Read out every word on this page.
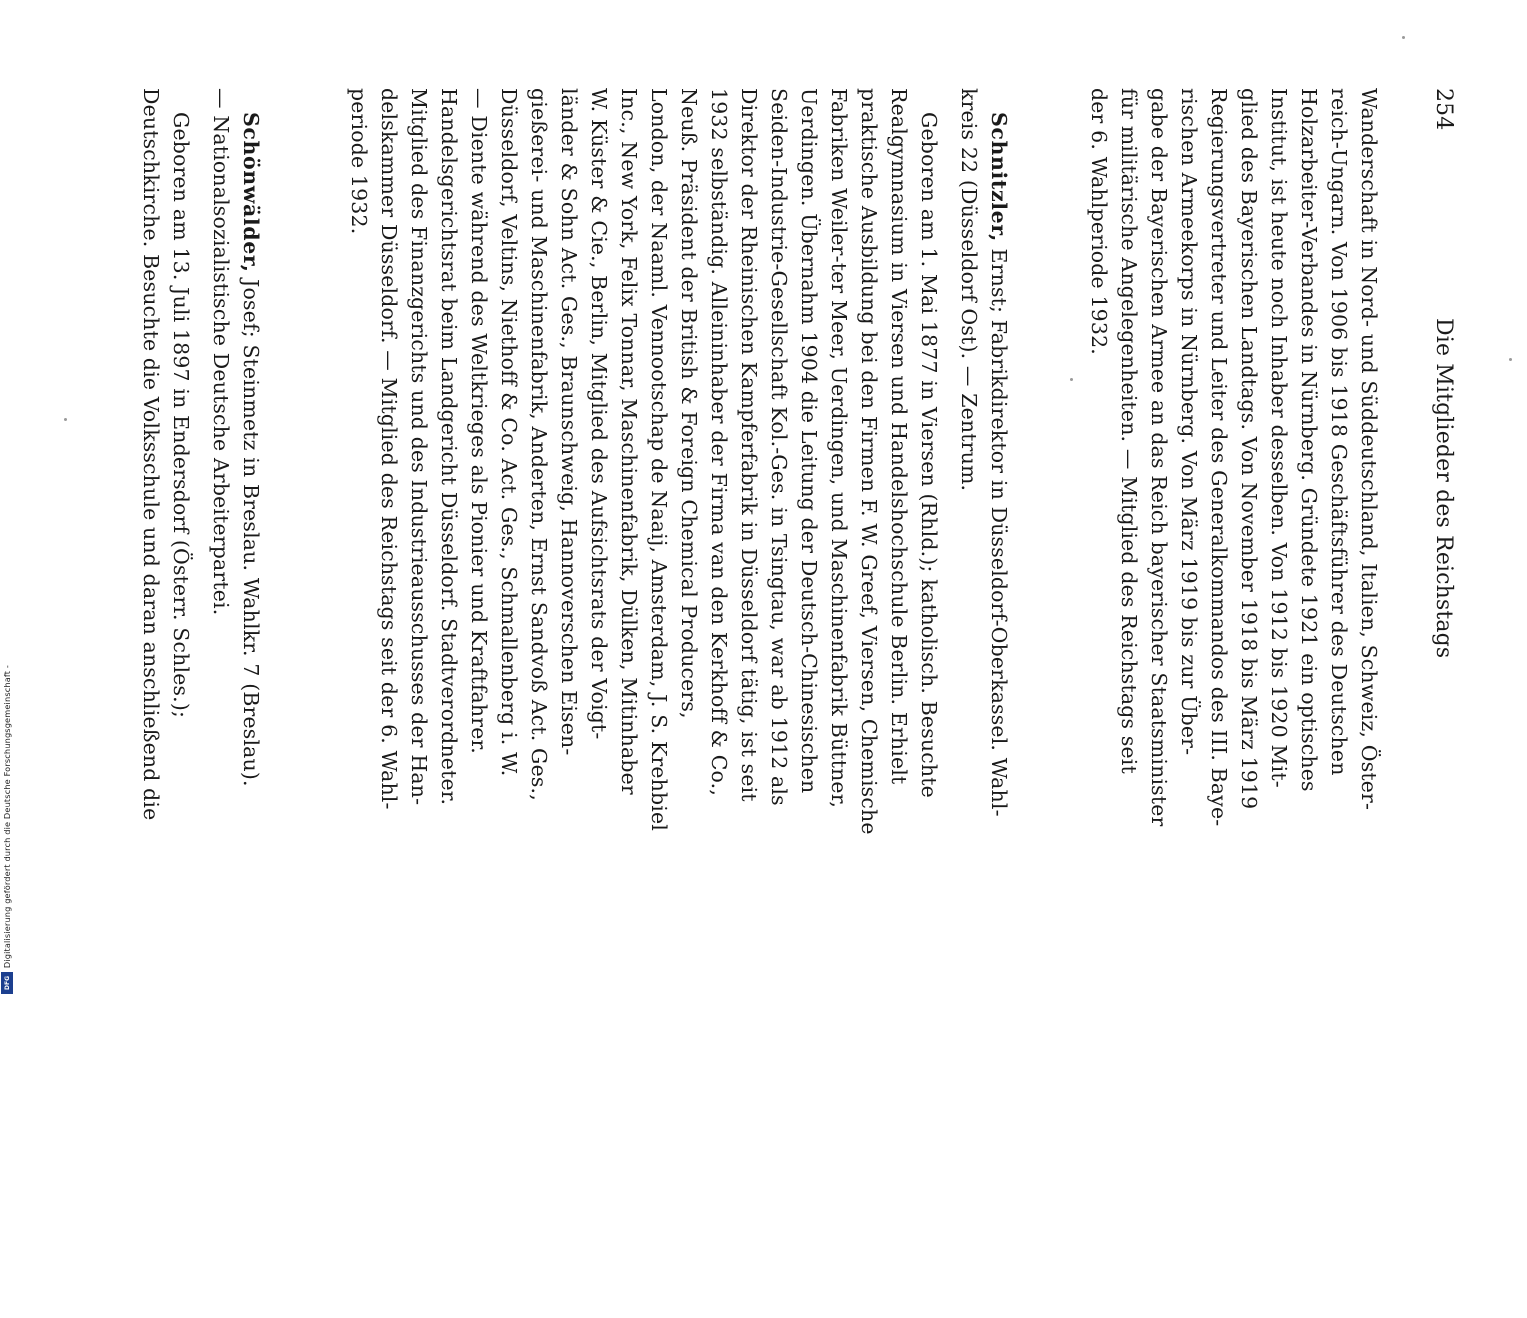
254
Die Mitglieder des Reichstags
Wanderschaft in Nord- und Süddeutschland, Italien, Schweiz, Öster-
reich-Ungarn. Von 1906 bis 1918 Geschäftsführer des Deutschen
Holzarbeiter-Verbandes in Nürnberg. Gründete 1921 ein optisches
Institut, ist heute noch Inhaber desselben. Von 1912 bis 1920 Mit-
glied des Bayerischen Landtags. Von November 1918 bis März 1919
Regierungsvertreter und Leiter des Generalkommandos des III. Baye-
rischen Armeekorps in Nürnberg. Von März 1919 bis zur Über-
gabe der Bayerischen Armee an das Reich bayerischer Staatsminister
für militärische Angelegenheiten. — Mitglied des Reichstags seit
der 6. Wahlperiode 1932.
Schnitzler, Ernst; Fabrikdirektor in Düsseldorf-Oberkassel. Wahl-
kreis 22 (Düsseldorf Ost). — Zentrum.
Geboren am 1. Mai 1877 in Viersen (Rhld.); katholisch. Besuchte
Realgymnasium in Viersen und Handelshochschule Berlin. Erhielt
praktische Ausbildung bei den Firmen F. W. Greef, Viersen, Chemische
Fabriken Weiler-ter Meer, Uerdingen, und Maschinenfabrik Büttner,
Uerdingen. Übernahm 1904 die Leitung der Deutsch-Chinesischen
Seiden-Industrie-Gesellschaft Kol.-Ges. in Tsingtau, war ab 1912 als
Direktor der Rheinischen Kampferfabrik in Düsseldorf tätig, ist seit
1932 selbständig. Alleininhaber der Firma van den Kerkhoff & Co.,
Neuß. Präsident der British & Foreign Chemical Producers,
London, der Naaml. Vennootschap de Naaij, Amsterdam, J. S. Krehbiel
Inc., New York, Felix Tonnar, Maschinenfabrik, Dülken, Mitinhaber
W. Küster & Cie., Berlin, Mitglied des Aufsichtsrats der Voigt-
länder & Sohn Act. Ges., Braunschweig, Hannoverschen Eisen-
gießerei- und Maschinenfabrik, Anderten, Ernst Sandvoß Act. Ges.,
Düsseldorf, Veltins, Niethoff & Co. Act. Ges., Schmallenberg i. W.
— Diente während des Weltkrieges als Pionier und Kraftfahrer.
Handelsgerichtsrat beim Landgericht Düsseldorf. Stadtverordneter.
Mitglied des Finanzgerichts und des Industrieausschusses der Han-
delskammer Düsseldorf. — Mitglied des Reichstags seit der 6. Wahl-
periode 1932.
Schönwälder, Josef; Steinmetz in Breslau. Wahlkr. 7 (Breslau).
— Nationalsozialistische Deutsche Arbeiterpartei.
Geboren am 13. Juli 1897 in Endersdorf (Österr. Schles.);
Deutschkirche. Besuchte die Volksschule und daran anschließend die
Digitalisierung gefördert durch die Deutsche Forschungsgemeinschaft -
DFG
